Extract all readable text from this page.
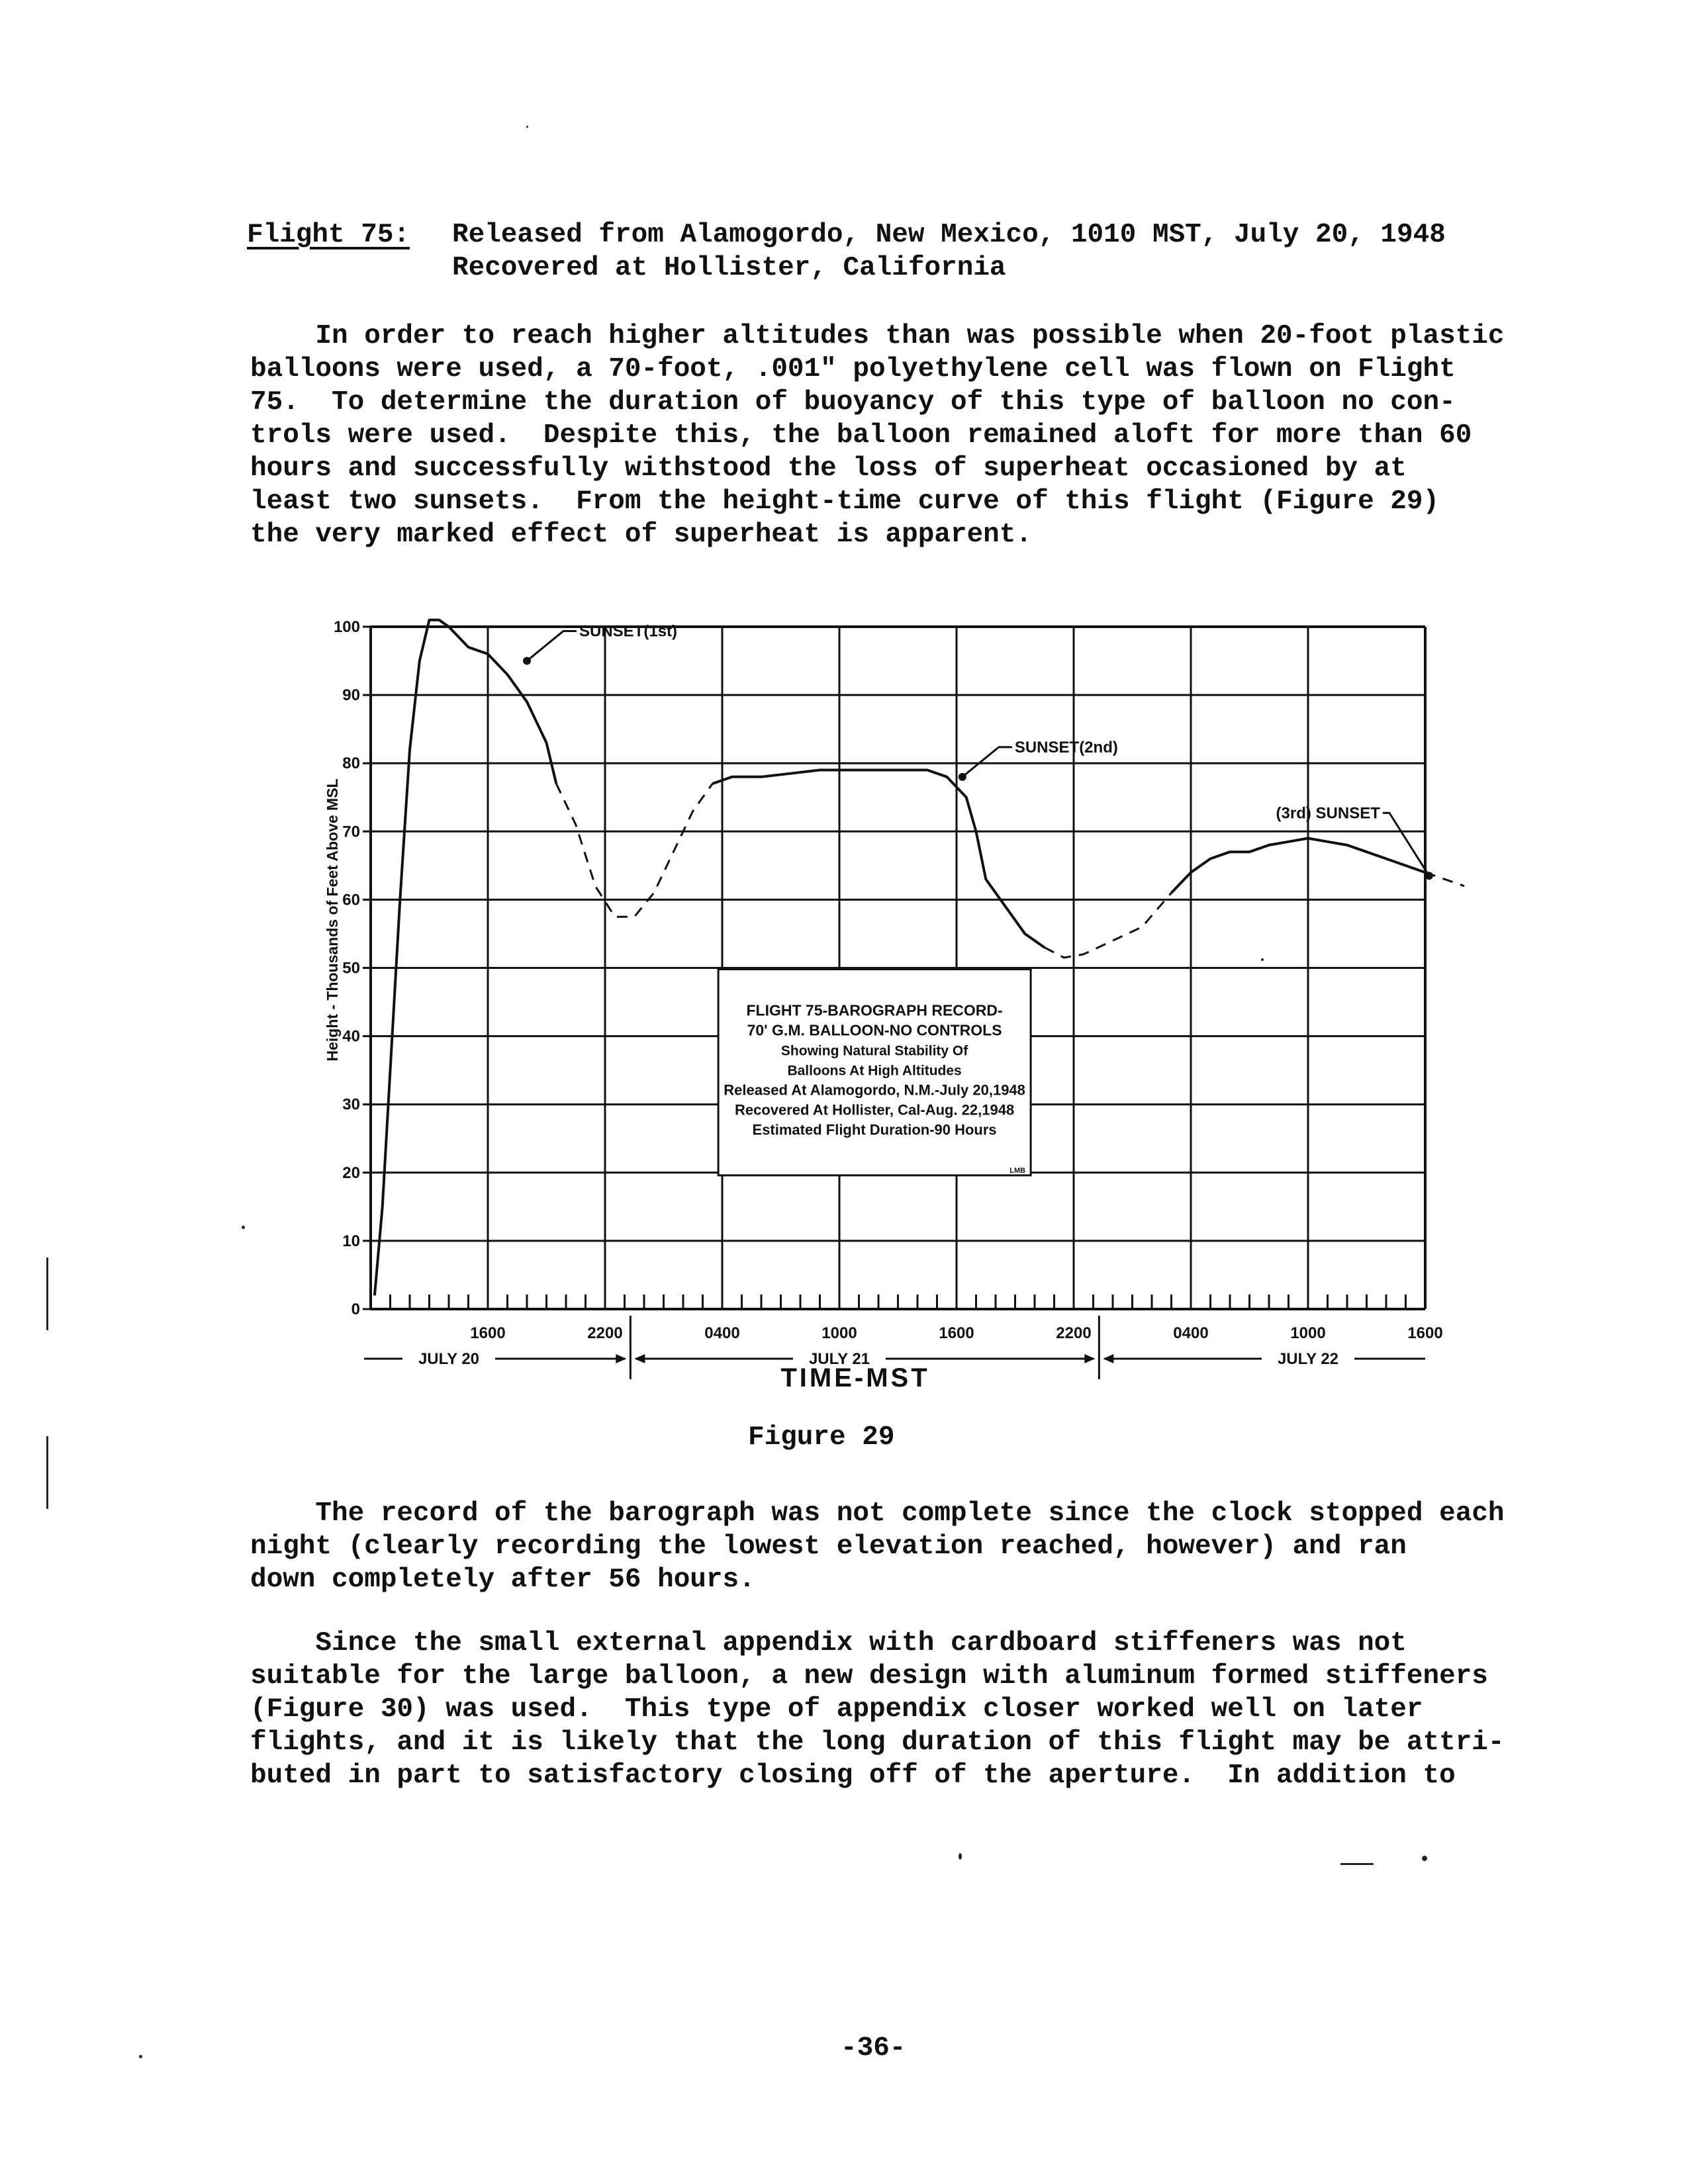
Flight 75: Released from Alamogordo, New Mexico, 1010 MST, July 20, 1948
Recovered at Hollister, California
In order to reach higher altitudes than was possible when 20-foot plastic
balloons were used, a 70-foot, .001" polyethylene cell was flown on Flight
75.  To determine the duration of buoyancy of this type of balloon no con-
trols were used.  Despite this, the balloon remained aloft for more than 60
hours and successfully withstood the loss of superheat occasioned by at
least two sunsets.  From the height-time curve of this flight (Figure 29)
the very marked effect of superheat is apparent.
0
10
20
30
40
50
60
70
80
90
100	SUNSET(1st)
SUNSET(2nd)
(3rd) SUNSET
FLIGHT 75-BAROGRAPH RECORD-
70' G.M. BALLOON-NO CONTROLS
Showing Natural Stability Of
Balloons At High Altitudes
Released At Alamogordo, N.M.-July 20,1948
Recovered At Hollister, Cal-Aug. 22,1948
Estimated Flight Duration-90 Hours
LMB
1600	2200	0400	1000	1600	2200	0400	1000	1600
JULY 20	JULY 21	JULY 22
Height - Thousands of Feet Above MSL
TIME-MST
Figure 29
The record of the barograph was not complete since the clock stopped each
night (clearly recording the lowest elevation reached, however) and ran
down completely after 56 hours.
Since the small external appendix with cardboard stiffeners was not
suitable for the large balloon, a new design with aluminum formed stiffeners
(Figure 30) was used.  This type of appendix closer worked well on later
flights, and it is likely that the long duration of this flight may be attri-
buted in part to satisfactory closing off of the aperture.  In addition to
-36-
